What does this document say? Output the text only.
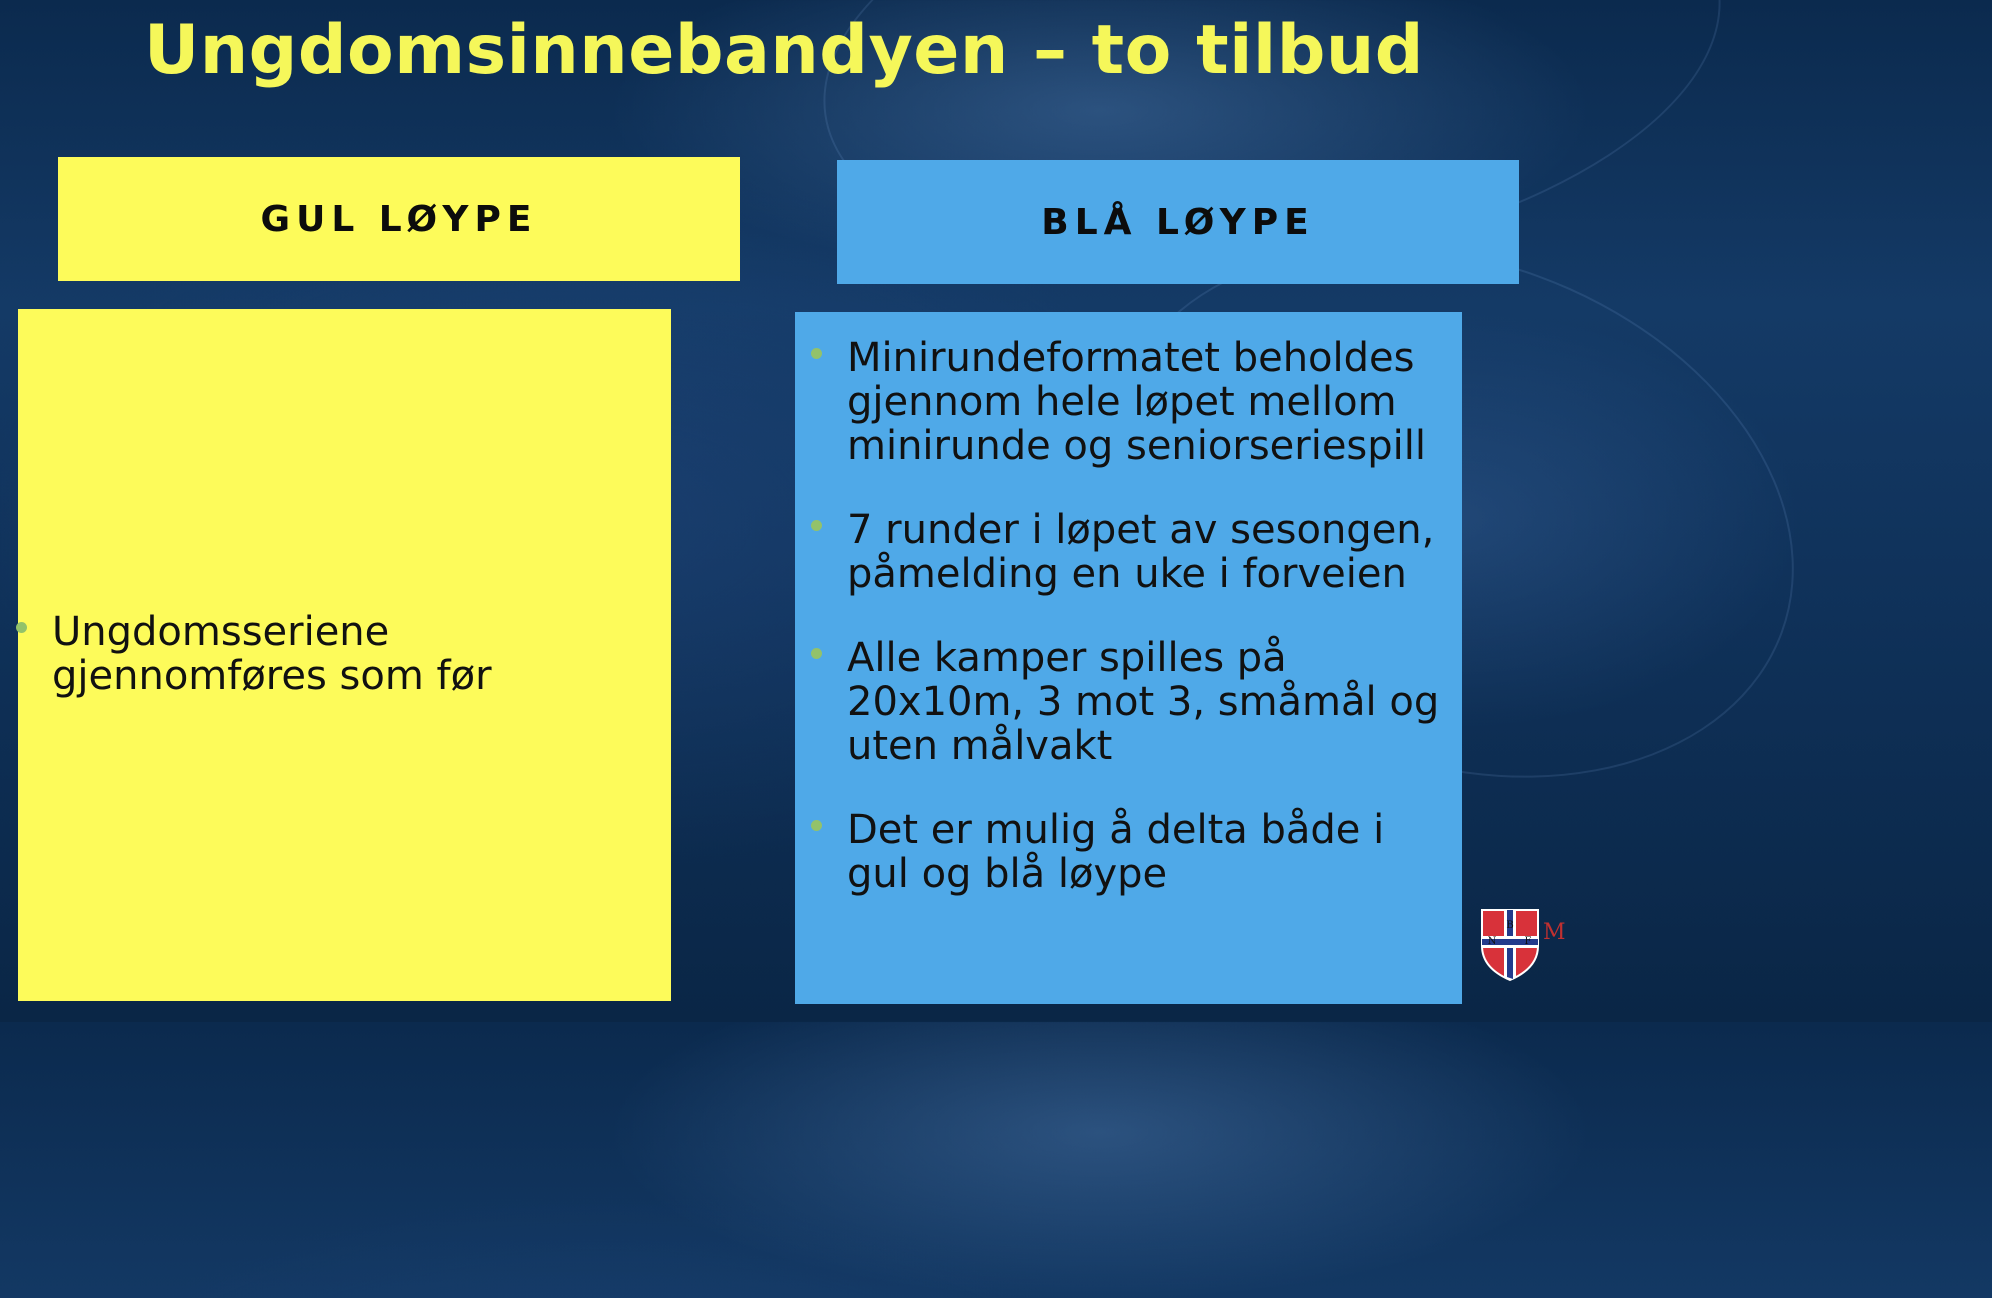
Ungdomsinnebandyen – to tilbud
GUL LØYPE	BLÅ LØYPE
Ungdomsseriene gjennomføres som før
Minirundeformatet beholdes gjennom hele løpet mellom minirunde og seniorseriespill
7 runder i løpet av sesongen, påmelding en uke i forveien
Alle kamper spilles på 20x10m, 3 mot 3, småmål og uten målvakt
Det er mulig å delta både i gul og blå løype
B
N	F M
